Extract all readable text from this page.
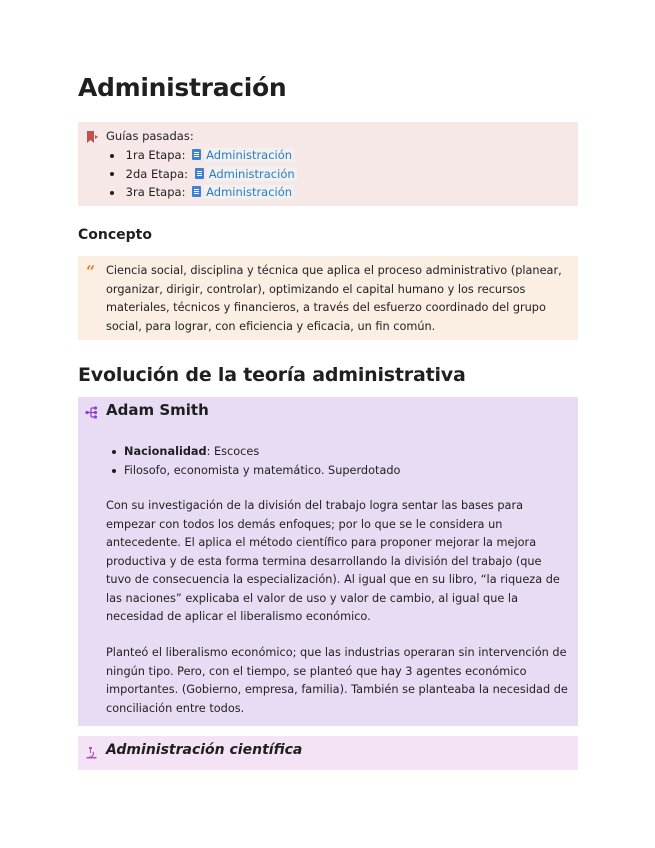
Administración
Guías pasadas:
1ra Etapa: Administración
2da Etapa: Administración
3ra Etapa: Administración
Concepto
“ Ciencia social, disciplina y técnica que aplica el proceso administrativo (planear, organizar, dirigir, controlar), optimizando el capital humano y los recursos materiales, técnicos y financieros, a través del esfuerzo coordinado del grupo social, para lograr, con eficiencia y eficacia, un fin común.
Evolución de la teoría administrativa
Adam Smith
Nacionalidad: Escoces
Filosofo, economista y matemático. Superdotado

Con su investigación de la división del trabajo logra sentar las bases para empezar con todos los demás enfoques; por lo que se le considera un antecedente. El aplica el método científico para proponer mejorar la mejora productiva y de esta forma termina desarrollando la división del trabajo (que tuvo de consecuencia la especialización). Al igual que en su libro, “la riqueza de las naciones” explicaba el valor de uso y valor de cambio, al igual que la necesidad de aplicar el liberalismo económico.

Planteó el liberalismo económico; que las industrias operaran sin intervención de ningún tipo. Pero, con el tiempo, se planteó que hay 3 agentes económico importantes. (Gobierno, empresa, familia). También se planteaba la necesidad de conciliación entre todos.

Administración científica
